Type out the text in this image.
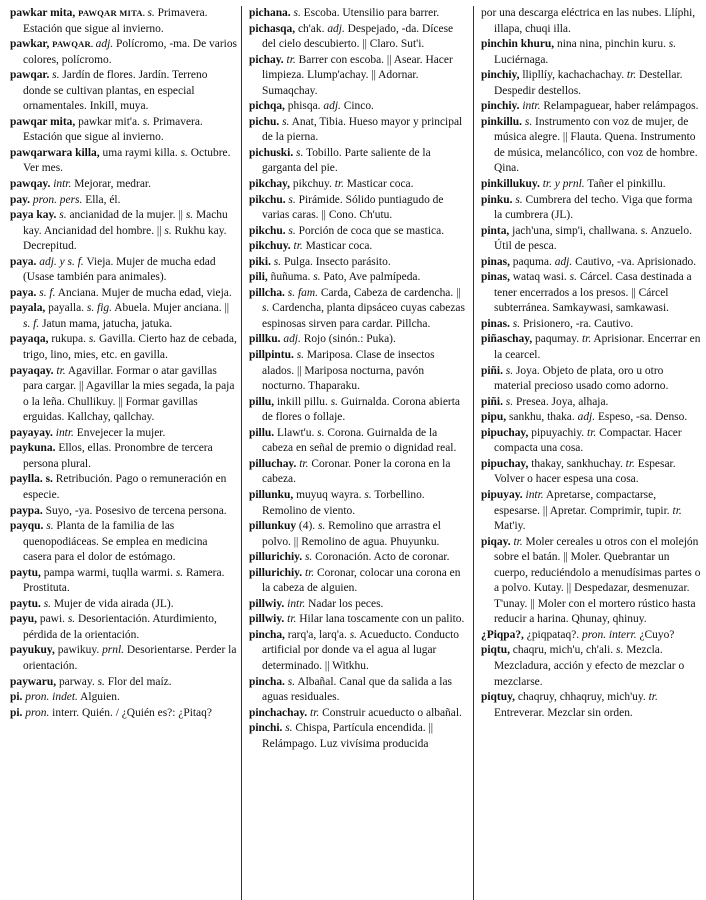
pawkar mita, PAWQAR MITA. s. Primavera. Estación que sigue al invierno.

pawkar, PAWQAR. adj. Polícromo, -ma. De varios colores, polícromo.

pawqar. s. Jardín de flores. Jardín. Terreno donde se cultivan plantas, en especial ornamentales. Inkill, muya.

pawqar mita, pawkar mit'a. s. Primavera. Estación que sigue al invierno.

pawqarwara killa, uma raymi killa. s. Octubre. Ver mes.

pawqay. intr. Mejorar, medrar.

pay. pron. pers. Ella, él.

paya kay. s. ancianidad de la mujer. || s. Machu kay. Ancianidad del hombre. || s. Rukhu kay. Decrepitud.

paya. adj. y s. f. Vieja. Mujer de mucha edad (Usase también para animales).

paya. s. f. Anciana. Mujer de mucha edad, vieja.

payala, payalla. s. fig. Abuela. Mujer anciana. || s. f. Jatun mama, jatucha, jatuka.

payaqa, rukupa. s. Gavilla. Cierto haz de cebada, trigo, lino, mies, etc. en gavilla.

payaqay. tr. Agavillar. Formar o atar gavillas para cargar. || Agavillar la mies segada, la paja o la leña. Chullikuy. || Formar gavillas erguidas. Kallchay, qallchay.

payayay. intr. Envejecer la mujer.

paykuna. Ellos, ellas. Pronombre de tercera persona plural.

paylla. s. Retribución. Pago o remuneración en especie.

paypa. Suyo, -ya. Posesivo de tercena persona.

payqu. s. Planta de la familia de las quenopodiáceas. Se emplea en medicina casera para el dolor de estómago.

paytu, pampa warmi, tuqlla warmi. s. Ramera. Prostituta.

paytu. s. Mujer de vida airada (JL).

payu, pawi. s. Desorientación. Aturdimiento, pérdida de la orientación.

payukuy, pawikuy. prnl. Desorientarse. Perder la orientación.

paywaru, parway. s. Flor del maíz.

pi. pron. indet. Alguien.

pi. pron. interr. Quién. / ¿Quién es?: ¿Pitaq?

pichana. s. Escoba. Utensilio para barrer.

pichasqa, ch'ak. adj. Despejado, -da. Dícese del cielo descubierto. || Claro. Sut'i.

pichay. tr. Barrer con escoba. || Asear. Hacer limpieza. Llump'achay. || Adornar. Sumaqchay.

pichqa, phisqa. adj. Cinco.

pichu. s. Anat, Tibia. Hueso mayor y principal de la pierna.

pichuski. s. Tobillo. Parte saliente de la garganta del pie.

pikchay, pikchuy. tr. Masticar coca.

pikchu. s. Pirámide. Sólido puntiagudo de varias caras. || Cono. Ch'utu.

pikchu. s. Porción de coca que se mastica.

pikchuy. tr. Masticar coca.

piki. s. Pulga. Insecto parásito.

pili, ñuñuma. s. Pato, Ave palmípeda.

pillcha. s. fam. Carda, Cabeza de cardencha. || s. Cardencha, planta dipsáceo cuyas cabezas espinosas sirven para cardar. Pillcha.

pillku. adj. Rojo (sinón.: Puka).

pillpintu. s. Mariposa. Clase de insectos alados. || Mariposa nocturna, pavón nocturno. Thaparaku.

pillu, inkill pillu. s. Guirnalda. Corona abierta de flores o follaje.

pillu. Llawt'u. s. Corona. Guirnalda de la cabeza en señal de premio o dignidad real.

pilluchay. tr. Coronar. Poner la corona en la cabeza.

pillunku, muyuq wayra. s. Torbellino. Remolino de viento.

pillunkuy (4). s. Remolino que arrastra el polvo. || Remolino de agua. Phuyunku.

pillurichiy. s. Coronación. Acto de coronar.

pillurichiy. tr. Coronar, colocar una corona en la cabeza de alguien.

pillwiy. intr. Nadar los peces.

pillwiy. tr. Hilar lana toscamente con un palito.

pincha, rarq'a, larq'a. s. Acueducto. Conducto artificial por donde va el agua al lugar determinado. || Witkhu.

pincha. s. Albañal. Canal que da salida a las aguas residuales.

pinchachay. tr. Construir acueducto o albañal.

pinchi. s. Chispa, Partícula encendida. || Relámpago. Luz vivísima producida

por una descarga eléctrica en las nubes. Llíphi, illapa, chuqi illa.

pinchin khuru, nina nina, pinchin kuru. s. Luciérnaga.

pinchiy, llipllíy, kachachachay. tr. Destellar. Despedir destellos.

pinchiy. intr. Relampaguear, haber relámpagos.

pinkillu. s. Instrumento con voz de mujer, de música alegre. || Flauta. Quena. Instrumento de música, melancólico, con voz de hombre. Qina.

pinkillukuy. tr. y prnl. Tañer el pinkillu.

pinku. s. Cumbrera del techo. Viga que forma la cumbrera (JL).

pinta, jach'una, simp'i, challwana. s. Anzuelo. Útil de pesca.

pinas, paquma. adj. Cautivo, -va. Aprisionado.

pinas, wataq wasi. s. Cárcel. Casa destinada a tener encerrados a los presos. || Cárcel subterránea. Samkaywasi, samkawasi.

pinas. s. Prisionero, -ra. Cautivo.

piñaschay, paqumay. tr. Aprisionar. Encerrar en la cearcel.

piñi. s. Joya. Objeto de plata, oro u otro material precioso usado como adorno.

piñi. s. Presea. Joya, alhaja.

pipu, sankhu, thaka. adj. Espeso, -sa. Denso.

pipuchay, pipuyachiy. tr. Compactar. Hacer compacta una cosa.

pipuchay, thakay, sankhuchay. tr. Espesar. Volver o hacer espesa una cosa.

pipuyay. intr. Apretarse, compactarse, espesarse. || Apretar. Comprimir, tupir. tr. Mat'iy.

piqay. tr. Moler cereales u otros con el molejón sobre el batán. || Moler. Quebrantar un cuerpo, reduciéndolo a menudísimas partes o a polvo. Kutay. || Despedazar, desmenuzar. T'unay. || Moler con el mortero rústico hasta reducir a harina. Qhunay, qhinuy.

¿Piqpa?, ¿piqpataq?. pron. interr. ¿Cuyo?

piqtu, chaqru, mich'u, ch'ali. s. Mezcla. Mezcladura, acción y efecto de mezclar o mezclarse.

piqtuy, chaqruy, chhaqruy, mich'uy. tr. Entreverar. Mezclar sin orden.
